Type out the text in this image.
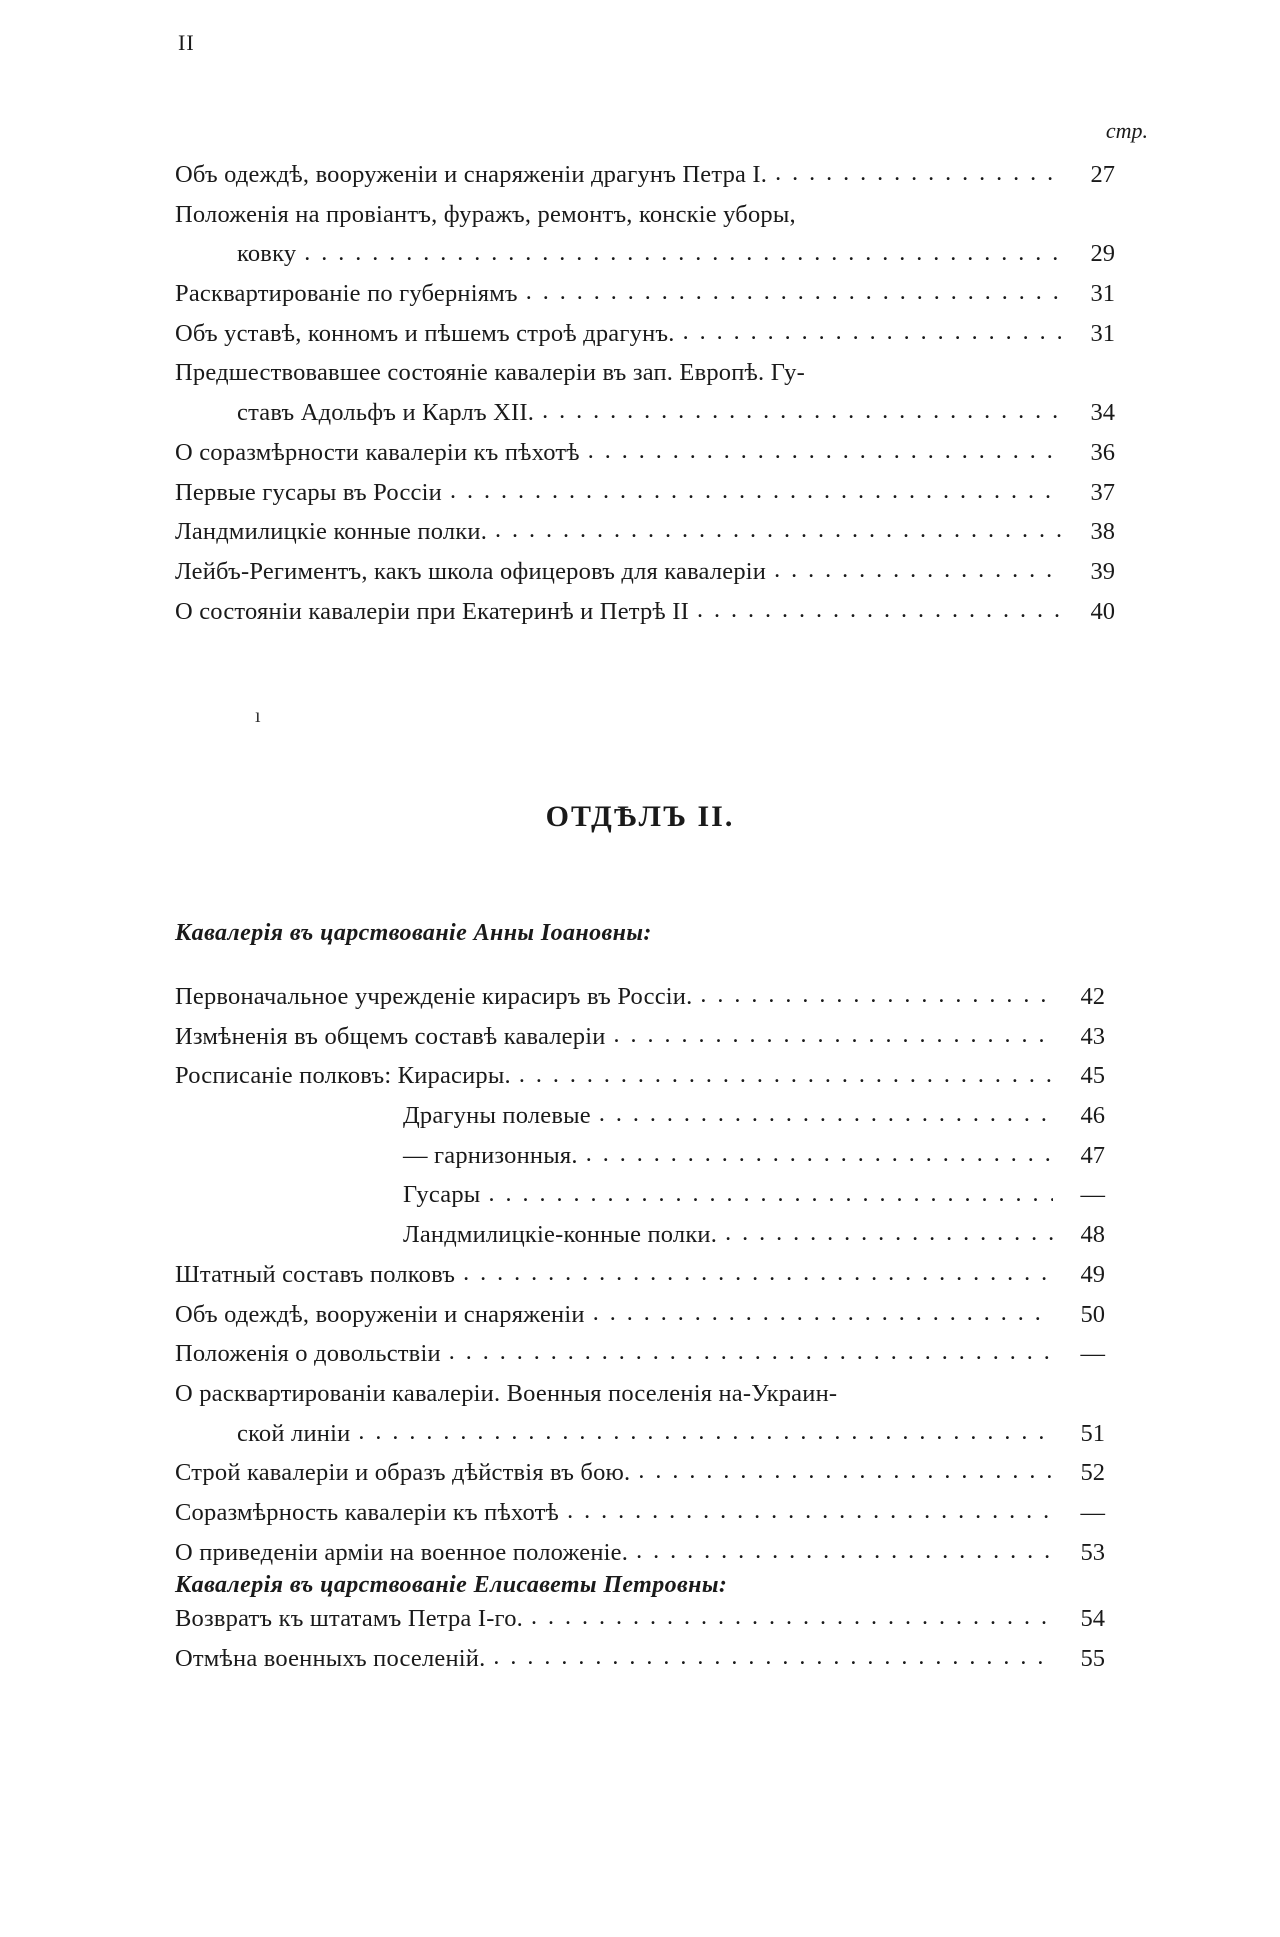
II
стр.
Объ одеждѣ, вооруженіи и снаряженіи драгунъ Петра I. . . .	27
Положенія на провіантъ, фуражъ, ремонтъ, конскіе уборы,
ковку . . .	29
Расквартированіе по губерніямъ . . .	31
Объ уставѣ, конномъ и пѣшемъ строѣ драгунъ. . . .	31
Предшествовавшее состояніе кавалеріи въ зап. Европѣ. Гу-
ставъ Адольфъ и Карлъ XII. . . .	34
О соразмѣрности кавалеріи къ пѣхотѣ . . .	36
Первые гусары въ Россіи . . .	37
Ландмилицкіе конные полки. . . .	38
Лейбъ-Региментъ, какъ школа офицеровъ для кавалеріи . . .	39
О состояніи кавалеріи при Екатеринѣ и Петрѣ II . . .	40
ı
ОТДѢЛЪ II.
Кавалерія въ царствованіе Анны Іоановны:
Первоначальное учрежденіе кирасиръ въ Россіи. . . .	42
Измѣненія въ общемъ составѣ кавалеріи . . .	43
Росписаніе полковъ: Кирасиры. . . .	45
Драгуны полевые . . .	46
— гарнизонныя. . . .	47
Гусары . . .	—
Ландмилицкіе-конные полки. . . .	48
Штатный составъ полковъ . . .	49
Объ одеждѣ, вооруженіи и снаряженіи . . .	50
Положенія о довольствіи . . .	—
О расквартированіи кавалеріи. Военныя поселенія на-Украин-
ской линіи . . .	51
Строй кавалеріи и образъ дѣйствія въ бою. . . .	52
Соразмѣрность кавалеріи къ пѣхотѣ . . .	—
О приведеніи арміи на военное положеніе. . . .	53
Кавалерія въ царствованіе Елисаветы Петровны:
Возвратъ къ штатамъ Петра I-го. . . .	54
Отмѣна военныхъ поселеній. . . .	55
